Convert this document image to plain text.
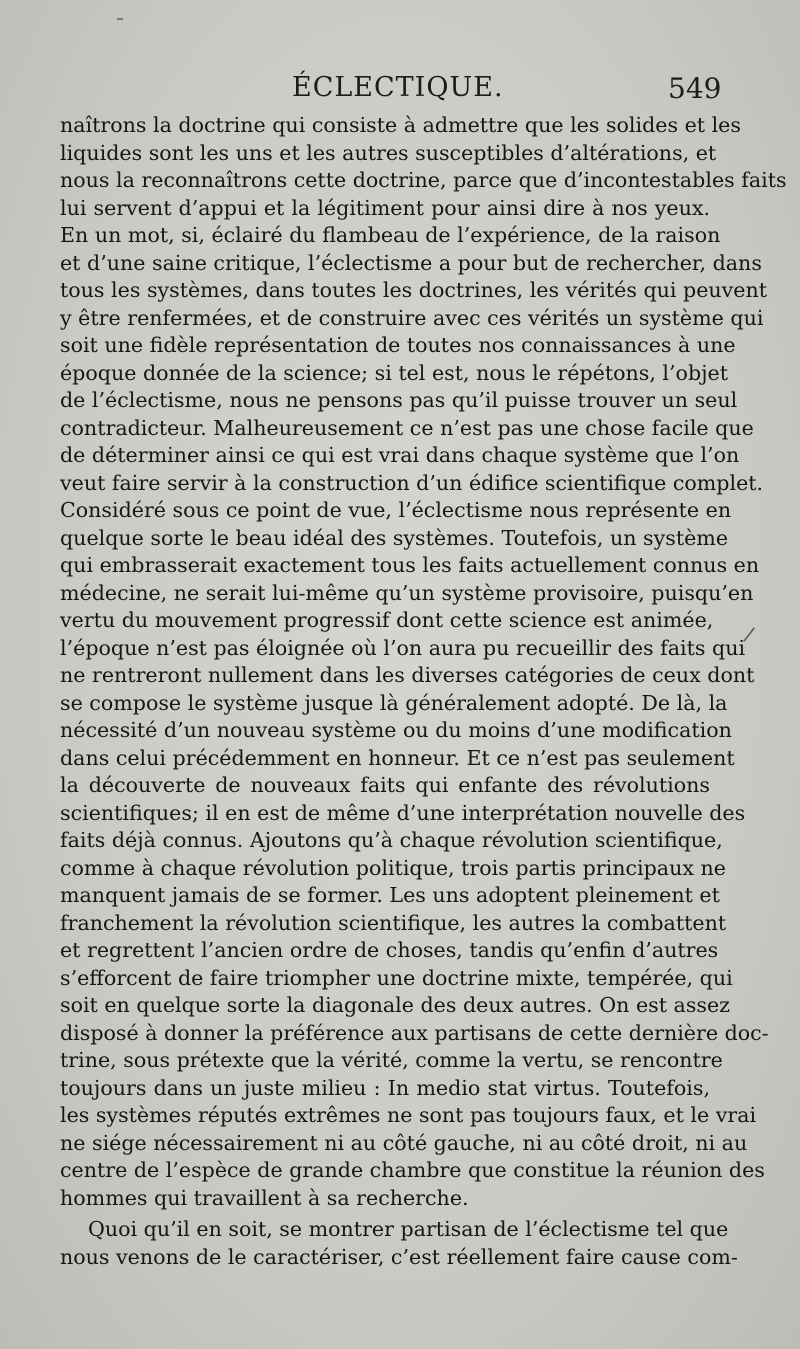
ÉCLECTIQUE.	549
naîtrons la doctrine qui consiste à admettre que les solides et les
liquides sont les uns et les autres susceptibles d’altérations, et
nous la reconnaîtrons cette doctrine, parce que d’incontestables faits
lui servent d’appui et la légitiment pour ainsi dire à nos yeux.
En un mot, si, éclairé du flambeau de l’expérience, de la raison
et d’une saine critique, l’éclectisme a pour but de rechercher, dans
tous les systèmes, dans toutes les doctrines, les vérités qui peuvent
y être renfermées, et de construire avec ces vérités un système qui
soit une fidèle représentation de toutes nos connaissances à une
époque donnée de la science; si tel est, nous le répétons, l’objet
de l’éclectisme, nous ne pensons pas qu’il puisse trouver un seul
contradicteur. Malheureusement ce n’est pas une chose facile que
de déterminer ainsi ce qui est vrai dans chaque système que l’on
veut faire servir à la construction d’un édifice scientifique complet.
Considéré sous ce point de vue, l’éclectisme nous représente en
quelque sorte le beau idéal des systèmes. Toutefois, un système
qui embrasserait exactement tous les faits actuellement connus en
médecine, ne serait lui-même qu’un système provisoire, puisqu’en
vertu du mouvement progressif dont cette science est animée,
l’époque n’est pas éloignée où l’on aura pu recueillir des faits qui
ne rentreront nullement dans les diverses catégories de ceux dont
se compose le système jusque là généralement adopté. De là, la
nécessité d’un nouveau système ou du moins d’une modification
dans celui précédemment en honneur. Et ce n’est pas seulement
la découverte de nouveaux faits qui enfante des révolutions
scientifiques; il en est de même d’une interprétation nouvelle des
faits déjà connus. Ajoutons qu’à chaque révolution scientifique,
comme à chaque révolution politique, trois partis principaux ne
manquent jamais de se former. Les uns adoptent pleinement et
franchement la révolution scientifique, les autres la combattent
et regrettent l’ancien ordre de choses, tandis qu’enfin d’autres
s’efforcent de faire triompher une doctrine mixte, tempérée, qui
soit en quelque sorte la diagonale des deux autres. On est assez
disposé à donner la préférence aux partisans de cette dernière doc-
trine, sous prétexte que la vérité, comme la vertu, se rencontre
toujours dans un juste milieu : In medio stat virtus. Toutefois,
les systèmes réputés extrêmes ne sont pas toujours faux, et le vrai
ne siége nécessairement ni au côté gauche, ni au côté droit, ni au
centre de l’espèce de grande chambre que constitue la réunion des
hommes qui travaillent à sa recherche.
Quoi qu’il en soit, se montrer partisan de l’éclectisme tel que
nous venons de le caractériser, c’est réellement faire cause com-
/
